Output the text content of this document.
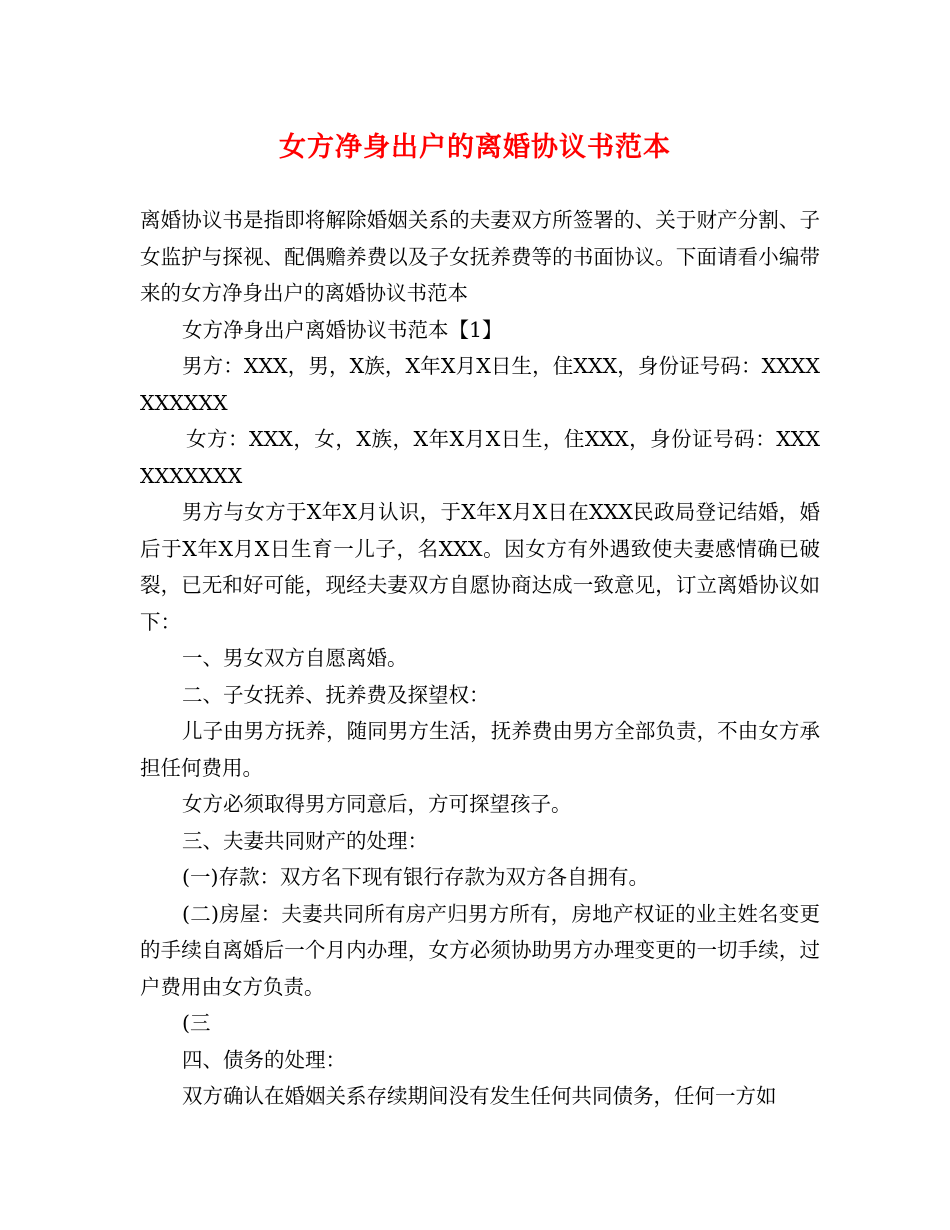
女方净身出户的离婚协议书范本

离婚协议书是指即将解除婚姻关系的夫妻双方所签署的、关于财产分割、子女监护与探视、配偶赡养费以及子女抚养费等的书面协议。下面请看小编带来的女方净身出户的离婚协议书范本

女方净身出户离婚协议书范本【1】

男方：XXX，男，X族，X年X月X日生，住XXX，身份证号码：XXXXXXXXXX

女方：XXX，女，X族，X年X月X日生，住XXX，身份证号码：XXXXXXXXXX

男方与女方于X年X月认识，于X年X月X日在XXX民政局登记结婚，婚后于X年X月X日生育一儿子，名XXX。因女方有外遇致使夫妻感情确已破裂，已无和好可能，现经夫妻双方自愿协商达成一致意见，订立离婚协议如下：

一、男女双方自愿离婚。

二、子女抚养、抚养费及探望权：

儿子由男方抚养，随同男方生活，抚养费由男方全部负责，不由女方承担任何费用。

女方必须取得男方同意后，方可探望孩子。

三、夫妻共同财产的处理：

(一)存款：双方名下现有银行存款为双方各自拥有。

(二)房屋：夫妻共同所有房产归男方所有，房地产权证的业主姓名变更的手续自离婚后一个月内办理，女方必须协助男方办理变更的一切手续，过户费用由女方负责。

(三

四、债务的处理：

双方确认在婚姻关系存续期间没有发生任何共同债务，任何一方如
